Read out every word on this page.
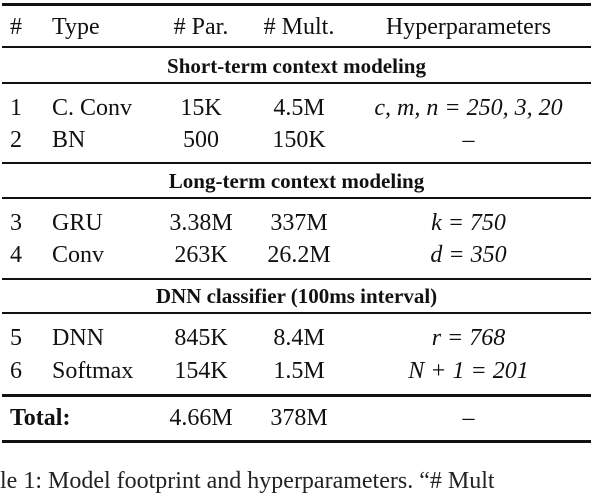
# Type	# Par.	# Mult.	Hyperparameters
Short-term context modeling
1 C. Conv	15K	4.5M	c, m, n = 250, 3, 20
2 BN	500	150K	–
Long-term context modeling
3 GRU	3.38M	337M	k = 750
4 Conv	263K	26.2M	d = 350
DNN classifier (100ms interval)
5 DNN	845K	8.4M	r = 768
6 Softmax	154K	1.5M	N + 1 = 201
Total:	4.66M	378M	–
le 1: Model footprint and hyperparameters. “# Mult
